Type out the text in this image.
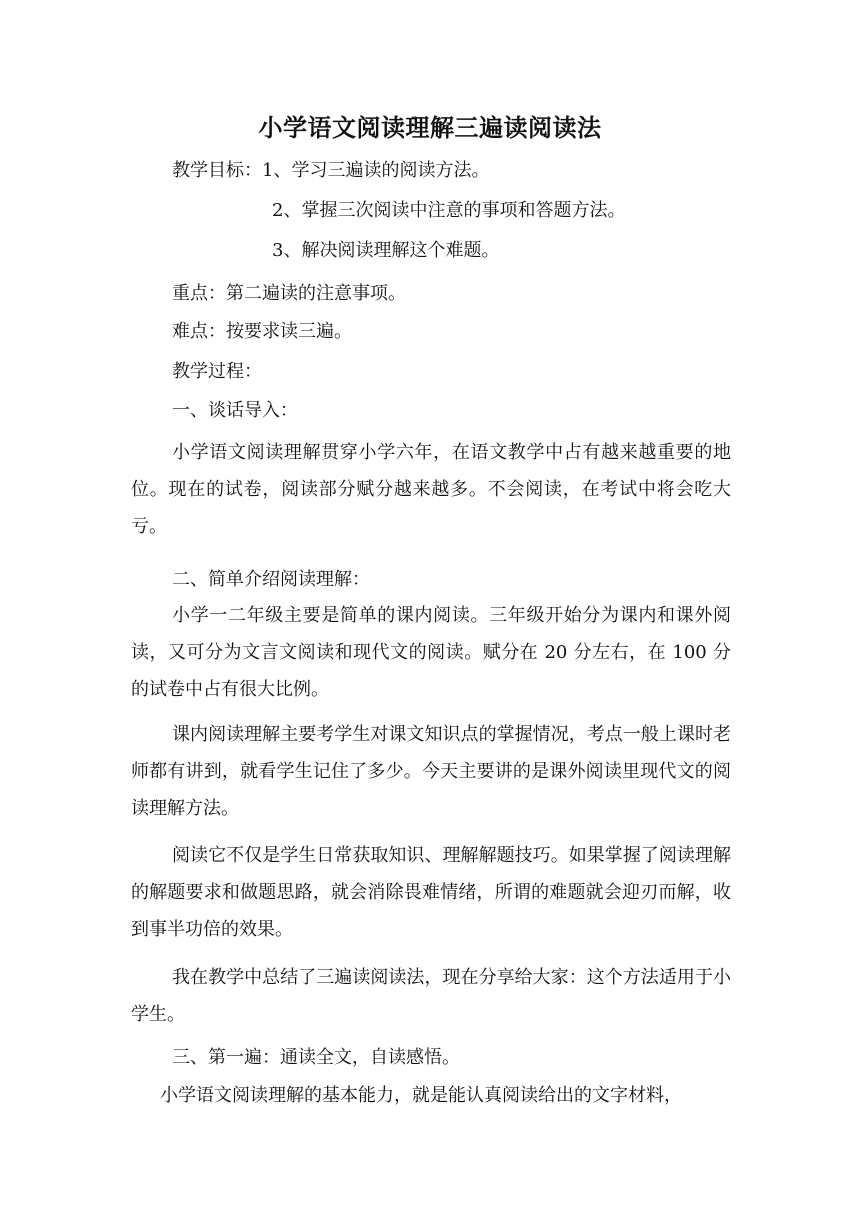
小学语文阅读理解三遍读阅读法

教学目标：1、学习三遍读的阅读方法。

2、掌握三次阅读中注意的事项和答题方法。

3、解决阅读理解这个难题。

重点：第二遍读的注意事项。

难点：按要求读三遍。

教学过程：

一、谈话导入：

小学语文阅读理解贯穿小学六年，在语文教学中占有越来越重要的地位。现在的试卷，阅读部分赋分越来越多。不会阅读，在考试中将会吃大亏。

二、简单介绍阅读理解：

小学一二年级主要是简单的课内阅读。三年级开始分为课内和课外阅读，又可分为文言文阅读和现代文的阅读。赋分在 20 分左右，在 100 分的试卷中占有很大比例。

课内阅读理解主要考学生对课文知识点的掌握情况，考点一般上课时老师都有讲到，就看学生记住了多少。今天主要讲的是课外阅读里现代文的阅读理解方法。

阅读它不仅是学生日常获取知识、理解解题技巧。如果掌握了阅读理解的解题要求和做题思路，就会消除畏难情绪，所谓的难题就会迎刃而解，收到事半功倍的效果。

我在教学中总结了三遍读阅读法，现在分享给大家：这个方法适用于小学生。

三、第一遍：通读全文，自读感悟。

小学语文阅读理解的基本能力，就是能认真阅读给出的文字材料，
